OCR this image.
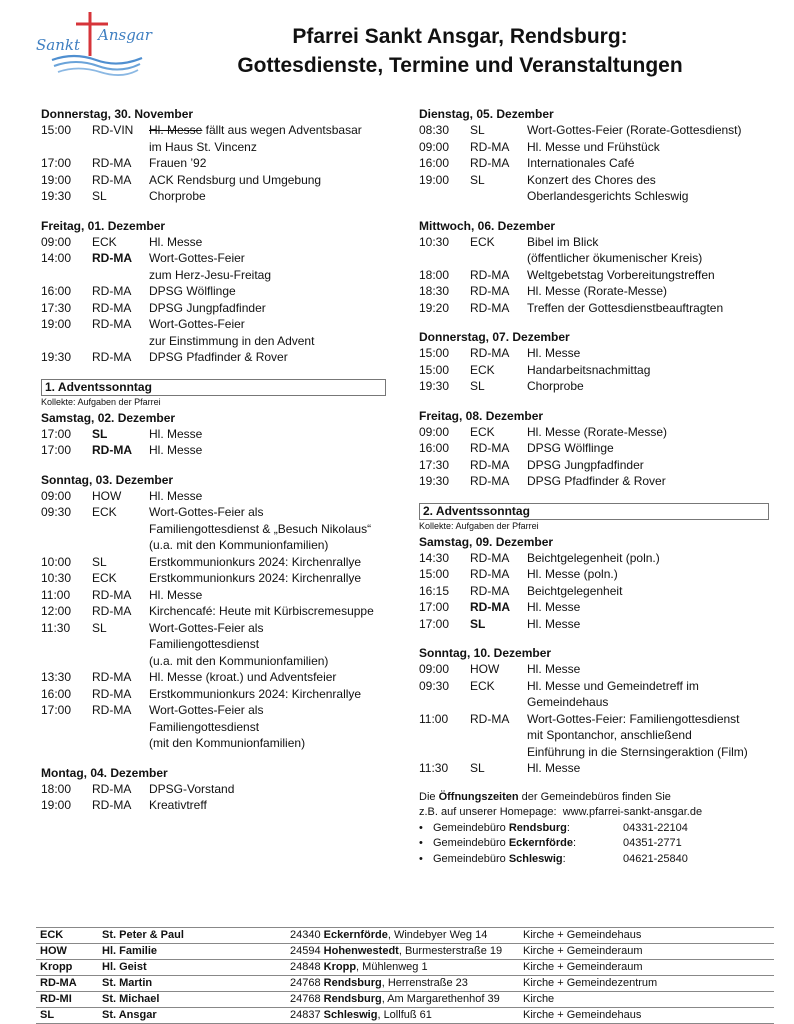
Sankt
Ansgar	Pfarrei Sankt Ansgar, Rendsburg:
Gottesdienste, Termine und Veranstaltungen
Donnerstag, 30. November
15:00	RD-VIN	Hl. Messe fällt aus wegen Adventsbasar
im Haus St. Vincenz
17:00	RD-MA	Frauen ’92
19:00	RD-MA	ACK Rendsburg und Umgebung
19:30	SL	Chorprobe
Freitag, 01. Dezember
09:00	ECK	Hl. Messe
14:00	RD-MA	Wort-Gottes-Feier
zum Herz-Jesu-Freitag
16:00	RD-MA	DPSG Wölflinge
17:30	RD-MA	DPSG Jungpfadfinder
19:00	RD-MA	Wort-Gottes-Feier
zur Einstimmung in den Advent
19:30	RD-MA	DPSG Pfadfinder & Rover
1. Adventssonntag
Kollekte: Aufgaben der Pfarrei
Samstag, 02. Dezember
17:00	SL	Hl. Messe
17:00	RD-MA	Hl. Messe
Sonntag, 03. Dezember
09:00	HOW	Hl. Messe
09:30	ECK	Wort-Gottes-Feier als
Familiengottesdienst & „Besuch Nikolaus“
(u.a. mit den Kommunionfamilien)
10:00	SL	Erstkommunionkurs 2024: Kirchenrallye
10:30	ECK	Erstkommunionkurs 2024: Kirchenrallye
11:00	RD-MA	Hl. Messe
12:00	RD-MA	Kirchencafé: Heute mit Kürbiscremesuppe
11:30	SL	Wort-Gottes-Feier als
Familiengottesdienst
(u.a. mit den Kommunionfamilien)
13:30	RD-MA	Hl. Messe (kroat.) und Adventsfeier
16:00	RD-MA	Erstkommunionkurs 2024: Kirchenrallye
17:00	RD-MA	Wort-Gottes-Feier als
Familiengottesdienst
(mit den Kommunionfamilien)
Montag, 04. Dezember
18:00	RD-MA	DPSG-Vorstand
19:00	RD-MA	Kreativtreff
Dienstag, 05. Dezember
08:30	SL	Wort-Gottes-Feier (Rorate-Gottesdienst)
09:00	RD-MA	Hl. Messe und Frühstück
16:00	RD-MA	Internationales Café
19:00	SL	Konzert des Chores des
Oberlandesgerichts Schleswig
Mittwoch, 06. Dezember
10:30	ECK	Bibel im Blick
(öffentlicher ökumenischer Kreis)
18:00	RD-MA	Weltgebetstag Vorbereitungstreffen
18:30	RD-MA	Hl. Messe (Rorate-Messe)
19:20	RD-MA	Treffen der Gottesdienstbeauftragten
Donnerstag, 07. Dezember
15:00	RD-MA	Hl. Messe
15:00	ECK	Handarbeitsnachmittag
19:30	SL	Chorprobe
Freitag, 08. Dezember
09:00	ECK	Hl. Messe (Rorate-Messe)
16:00	RD-MA	DPSG Wölflinge
17:30	RD-MA	DPSG Jungpfadfinder
19:30	RD-MA	DPSG Pfadfinder & Rover
2. Adventssonntag
Kollekte: Aufgaben der Pfarrei
Samstag, 09. Dezember
14:30	RD-MA	Beichtgelegenheit (poln.)
15:00	RD-MA	Hl. Messe (poln.)
16:15	RD-MA	Beichtgelegenheit
17:00	RD-MA	Hl. Messe
17:00	SL	Hl. Messe
Sonntag, 10. Dezember
09:00	HOW	Hl. Messe
09:30	ECK	Hl. Messe und Gemeindetreff im
Gemeindehaus
11:00	RD-MA	Wort-Gottes-Feier: Familiengottesdienst
mit Spontanchor, anschließend
Einführung in die Sternsingeraktion (Film)
11:30	SL	Hl. Messe
Die Öffnungszeiten der Gemeindebüros finden Sie
z.B. auf unserer Homepage: www.pfarrei-sankt-ansgar.de
• Gemeindebüro Rendsburg:	04331-22104
• Gemeindebüro Eckernförde:	04351-2771
• Gemeindebüro Schleswig:	04621-25840
ECK	St. Peter & Paul	24340 Eckernförde, Windebyer Weg 14	Kirche + Gemeindehaus
HOW	Hl. Familie	24594 Hohenwestedt, Burmesterstraße 19	Kirche + Gemeinderaum
Kropp	Hl. Geist	24848 Kropp, Mühlenweg 1	Kirche + Gemeinderaum
RD-MA	St. Martin	24768 Rendsburg, Herrenstraße 23	Kirche + Gemeindezentrum
RD-MI	St. Michael	24768 Rendsburg, Am Margarethenhof 39	Kirche
SL	St. Ansgar	24837 Schleswig, Lollfuß 61	Kirche + Gemeindehaus
